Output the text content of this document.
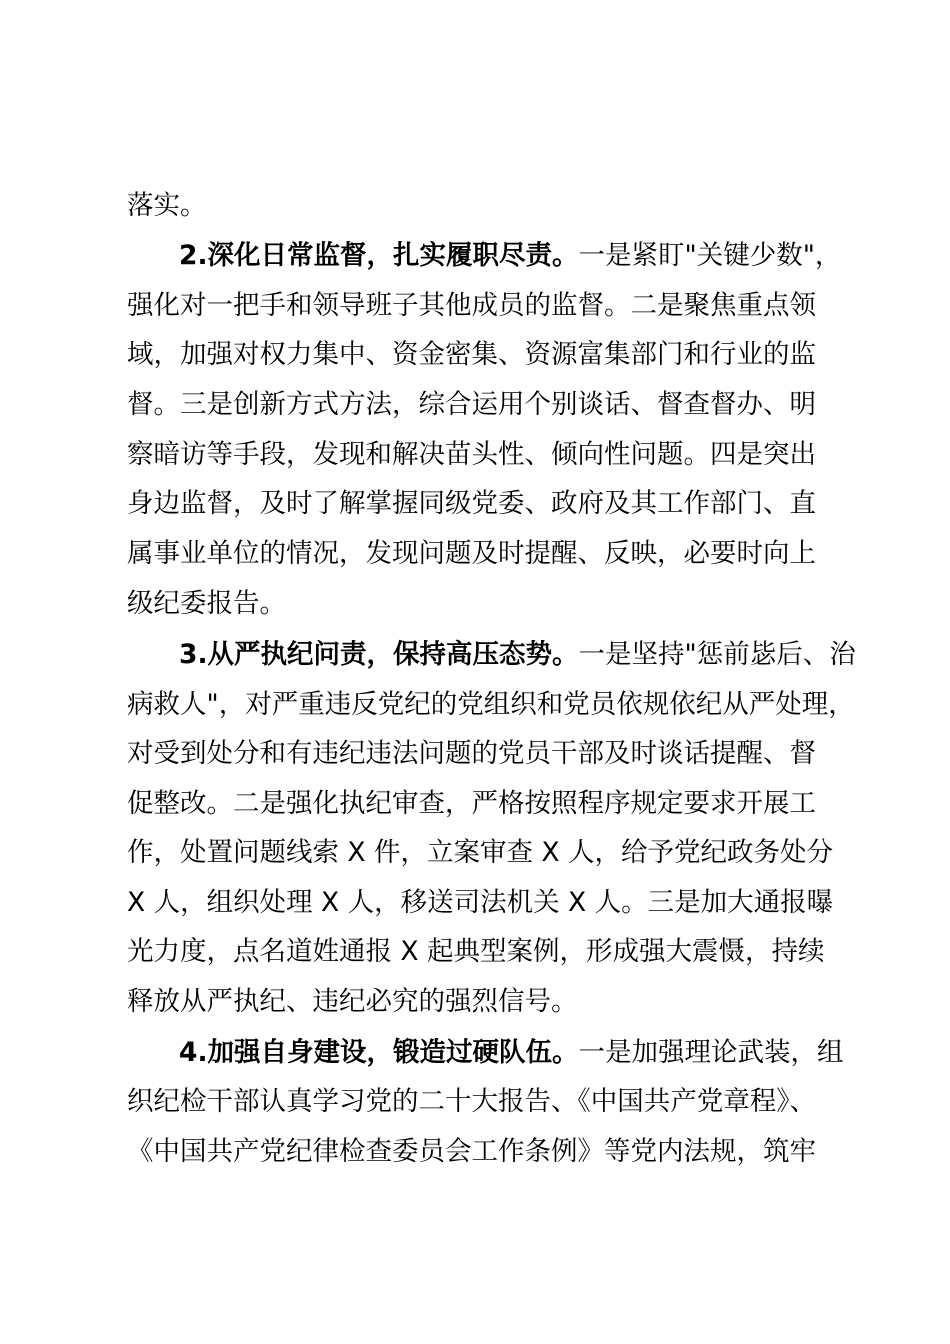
落实。
2.深化日常监督，扎实履职尽责。一是紧盯"关键少数"，
强化对一把手和领导班子其他成员的监督。二是聚焦重点领
域，加强对权力集中、资金密集、资源富集部门和行业的监
督。三是创新方式方法，综合运用个别谈话、督查督办、明
察暗访等手段，发现和解决苗头性、倾向性问题。四是突出
身边监督，及时了解掌握同级党委、政府及其工作部门、直
属事业单位的情况，发现问题及时提醒、反映，必要时向上
级纪委报告。
3.从严执纪问责，保持高压态势。一是坚持"惩前毖后、治
病救人"，对严重违反党纪的党组织和党员依规依纪从严处理，
对受到处分和有违纪违法问题的党员干部及时谈话提醒、督
促整改。二是强化执纪审查，严格按照程序规定要求开展工
作，处置问题线索 X 件，立案审查 X 人，给予党纪政务处分
X 人，组织处理 X 人，移送司法机关 X 人。三是加大通报曝
光力度，点名道姓通报 X 起典型案例，形成强大震慑，持续
释放从严执纪、违纪必究的强烈信号。
4.加强自身建设，锻造过硬队伍。一是加强理论武装，组
织纪检干部认真学习党的二十大报告、《中国共产党章程》、
《中国共产党纪律检查委员会工作条例》等党内法规，筑牢
